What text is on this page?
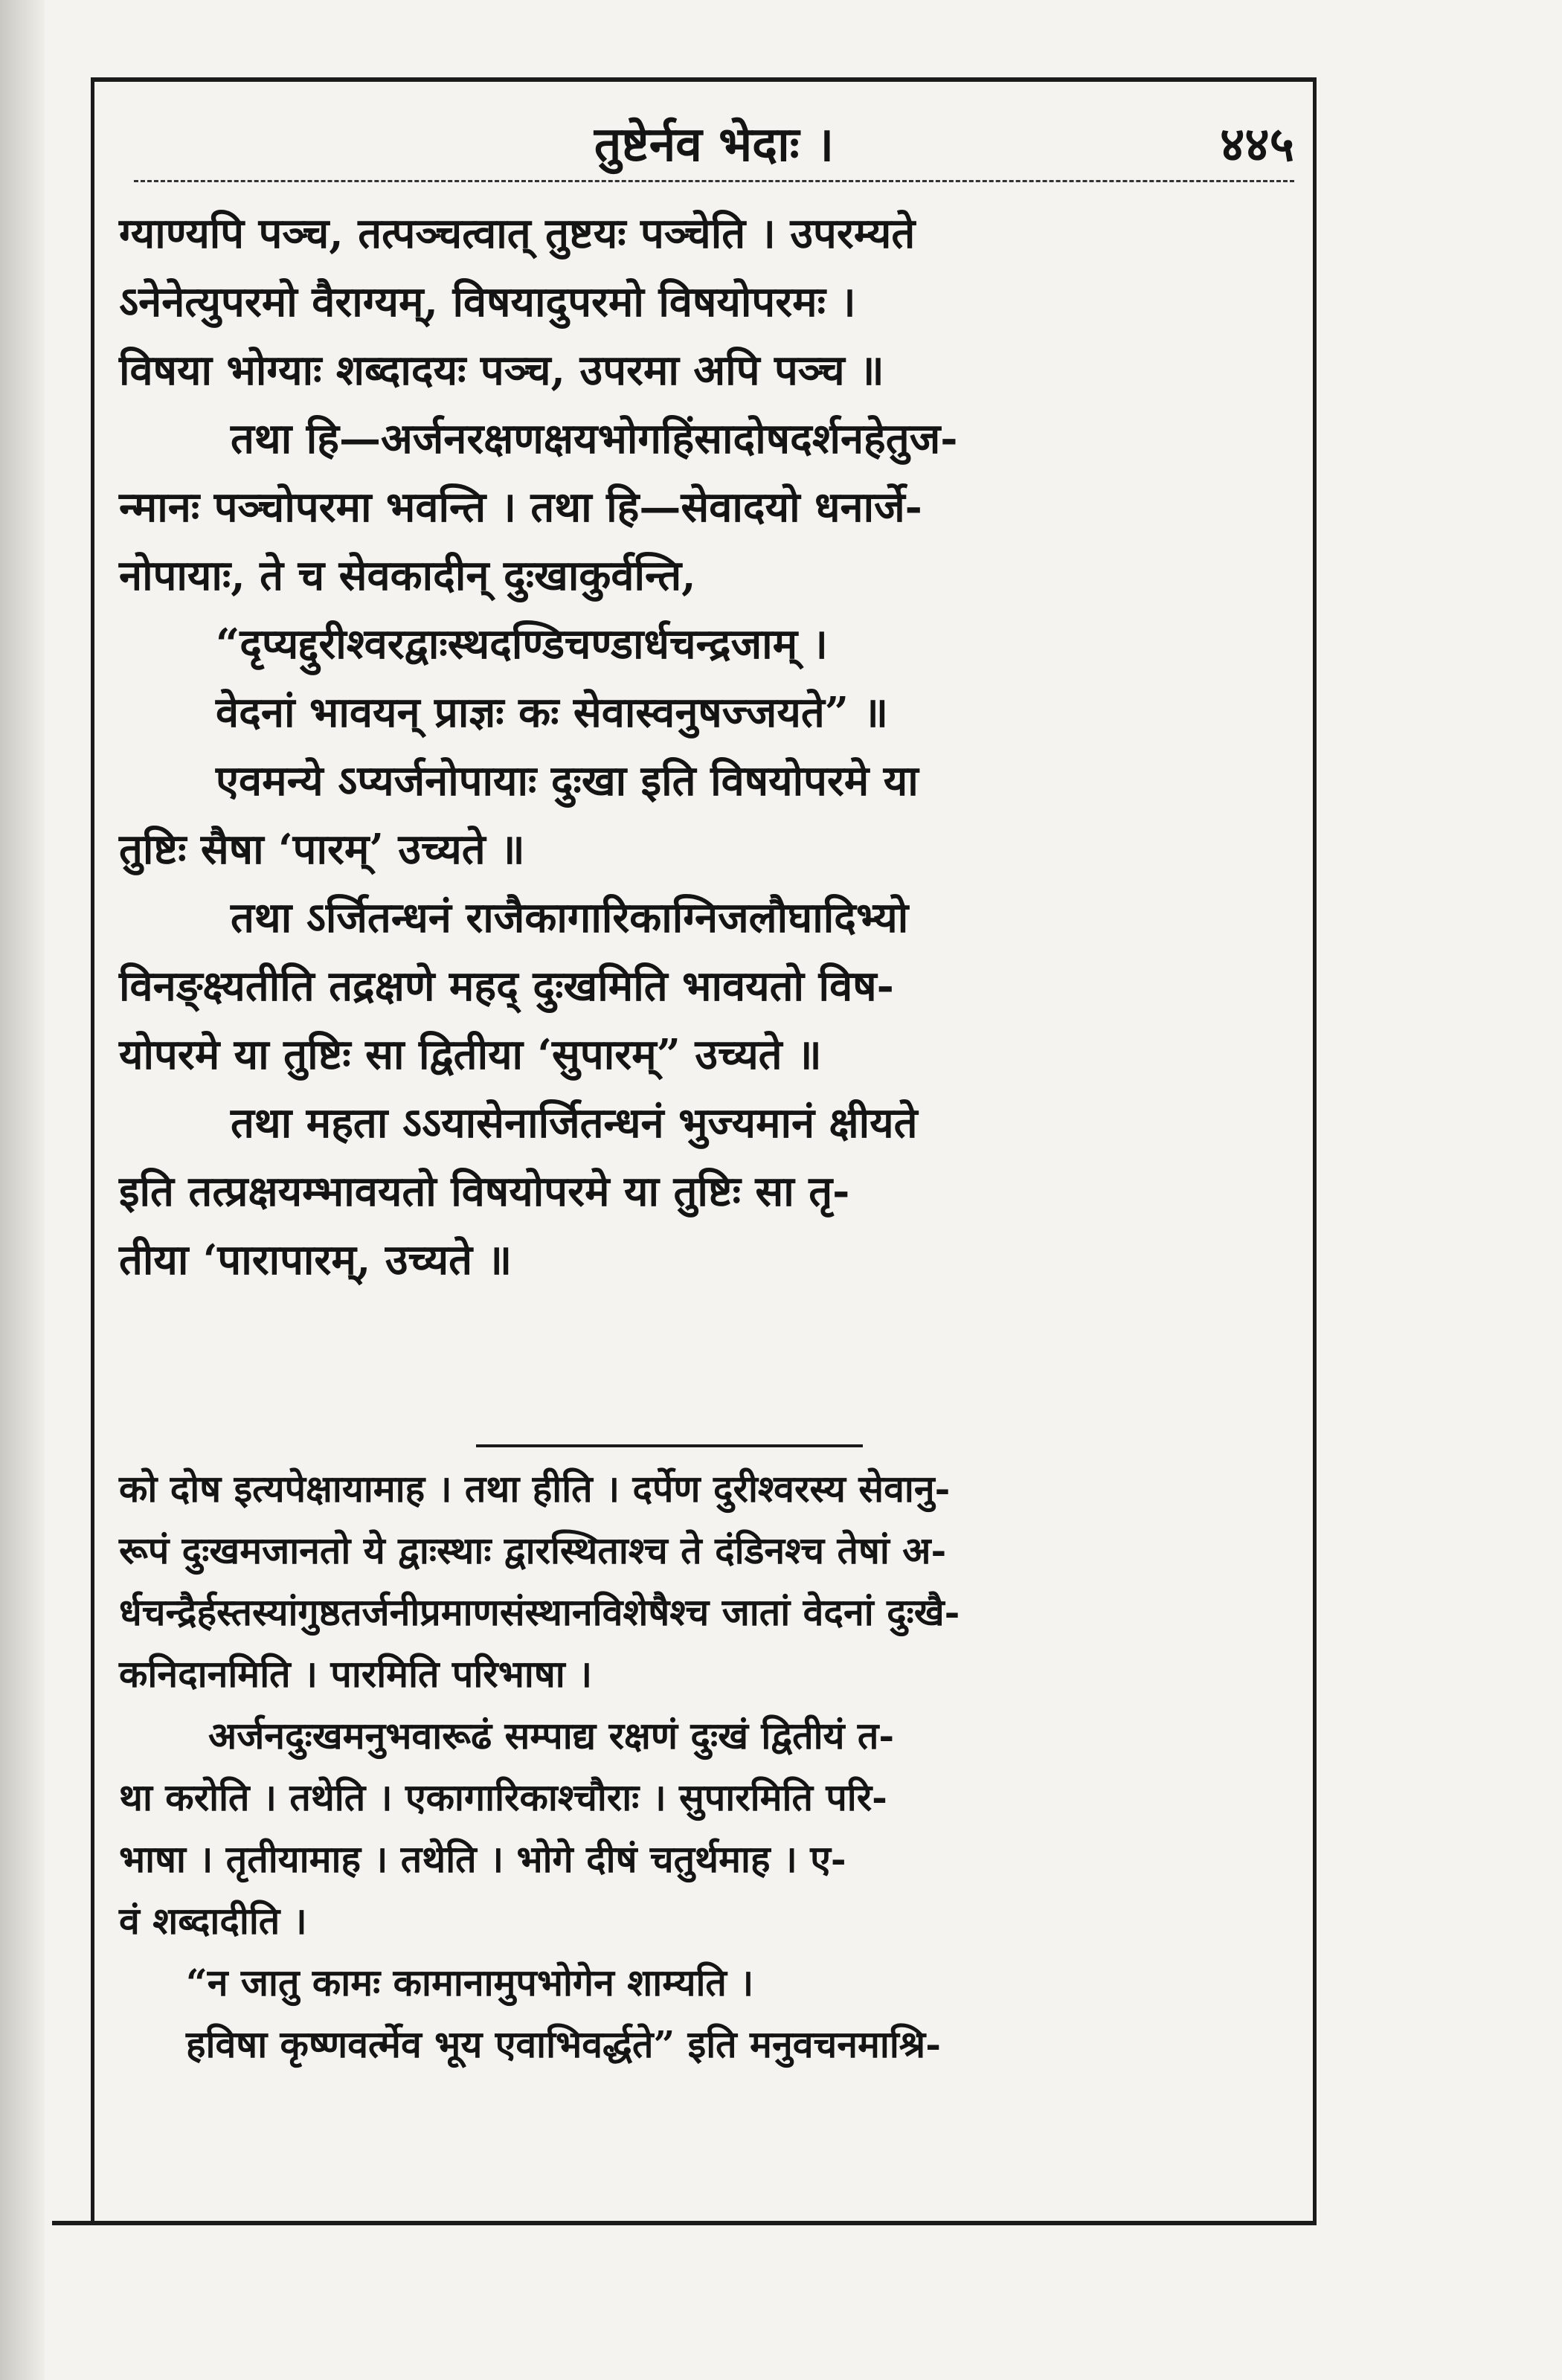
तुष्टेर्नव भेदाः ।	४४५

ग्याण्यपि पञ्च, तत्पञ्चत्वात् तुष्टयः पञ्चेति । उपरम्यते

ऽनेनेत्युपरमो वैराग्यम्, विषयादुपरमो विषयोपरमः ।

विषया भोग्याः शब्दादयः पञ्च, उपरमा अपि पञ्च ॥

तथा हि—अर्जनरक्षणक्षयभोगहिंसादोषदर्शनहेतुज-

न्मानः पञ्चोपरमा भवन्ति । तथा हि—सेवादयो धनार्जे-

नोपायाः, ते च सेवकादीन् दुःखाकुर्वन्ति,

“दृप्यद्दुरीश्वरद्वाःस्थदण्डिचण्डार्धचन्द्रजाम् ।

वेदनां भावयन् प्राज्ञः कः सेवास्वनुषज्जयते” ॥

एवमन्ये ऽप्यर्जनोपायाः दुःखा इति विषयोपरमे या

तुष्टिः सैषा ‘पारम्’ उच्यते ॥

तथा ऽर्जितन्धनं राजैकागारिकाग्निजलौघादिभ्यो

विनङ्क्ष्यतीति तद्रक्षणे महद् दुःखमिति भावयतो विष-

योपरमे या तुष्टिः सा द्वितीया ‘सुपारम्” उच्यते ॥

तथा महता ऽऽयासेनार्जितन्धनं भुज्यमानं क्षीयते

इति तत्प्रक्षयम्भावयतो विषयोपरमे या तुष्टिः सा तृ-

तीया ‘पारापारम्, उच्यते ॥

को दोष इत्यपेक्षायामाह । तथा हीति । दर्पेण दुरीश्वरस्य सेवानु-

रूपं दुःखमजानतो ये द्वाःस्थाः द्वारस्थिताश्च ते दंडिनश्च तेषां अ-

र्धचन्द्रैर्हस्तस्यांगुष्ठतर्जनीप्रमाणसंस्थानविशेषैश्च जातां वेदनां दुःखै-

कनिदानमिति । पारमिति परिभाषा ।

अर्जनदुःखमनुभवारूढं सम्पाद्य रक्षणं दुःखं द्वितीयं त-

था करोति । तथेति । एकागारिकाश्चौराः । सुपारमिति परि-

भाषा । तृतीयामाह । तथेति । भोगे दीषं चतुर्थमाह । ए-

वं शब्दादीति ।

“न जातु कामः कामानामुपभोगेन शाम्यति ।

हविषा कृष्णवर्त्मेव भूय एवाभिवर्द्धते” इति मनुवचनमाश्रि-
